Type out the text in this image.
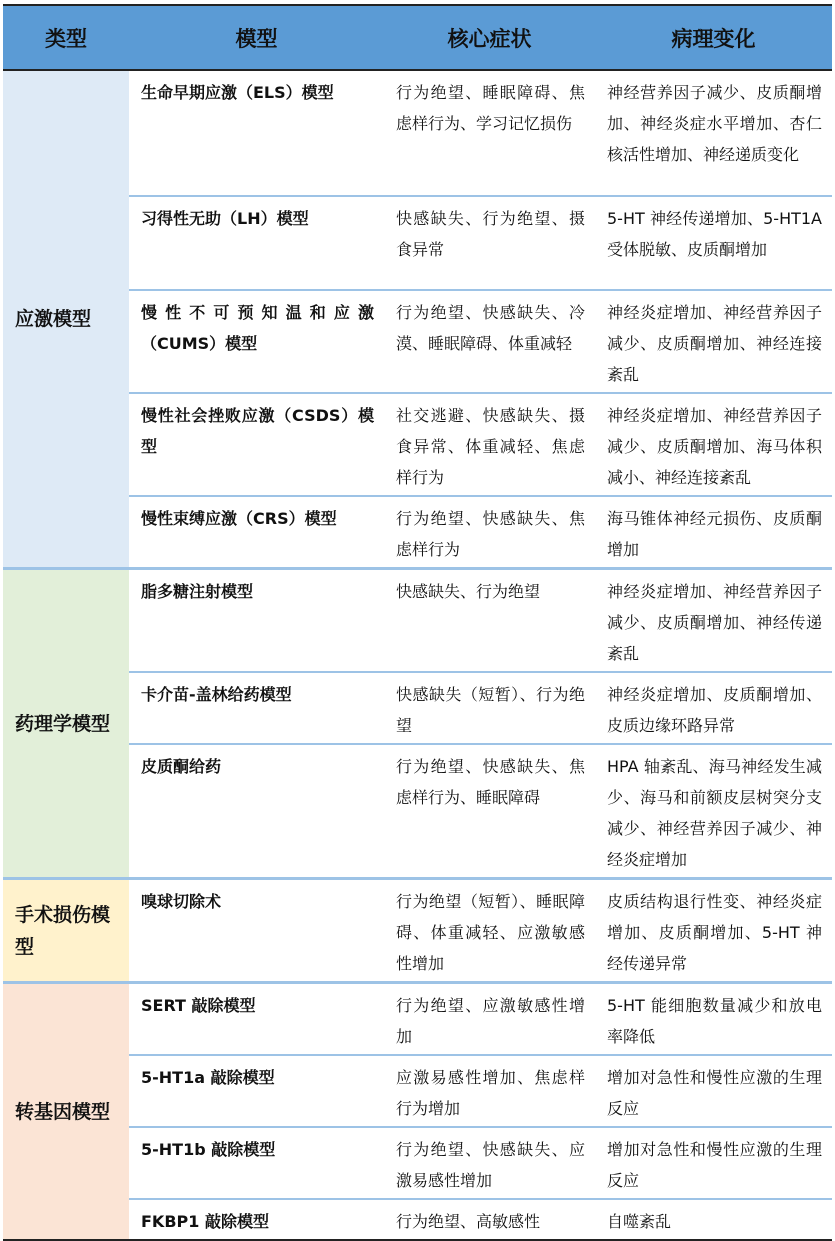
类型	模型	核心症状	病理变化
应激模型	生命早期应激（ELS）模型	行为绝望、睡眠障碍、焦虑样行为、学习记忆损伤	神经营养因子减少、皮质酮增加、神经炎症水平增加、杏仁核活性增加、神经递质变化
	习得性无助（LH）模型	快感缺失、行为绝望、摄食异常	5-HT 神经传递增加、5-HT1A 受体脱敏、皮质酮增加
	慢性不可预知温和应激（CUMS）模型	行为绝望、快感缺失、冷漠、睡眠障碍、体重减轻	神经炎症增加、神经营养因子减少、皮质酮增加、神经连接紊乱
	慢性社会挫败应激（CSDS）模型	社交逃避、快感缺失、摄食异常、体重减轻、焦虑样行为	神经炎症增加、神经营养因子减少、皮质酮增加、海马体积减小、神经连接紊乱
	慢性束缚应激（CRS）模型	行为绝望、快感缺失、焦虑样行为	海马锥体神经元损伤、皮质酮增加
药理学模型	脂多糖注射模型	快感缺失、行为绝望	神经炎症增加、神经营养因子减少、皮质酮增加、神经传递紊乱
	卡介苗-盖林给药模型	快感缺失（短暂）、行为绝望	神经炎症增加、皮质酮增加、皮质边缘环路异常
	皮质酮给药	行为绝望、快感缺失、焦虑样行为、睡眠障碍	HPA 轴紊乱、海马神经发生减少、海马和前额皮层树突分支减少、神经营养因子减少、神经炎症增加
手术损伤模型	嗅球切除术	行为绝望（短暂）、睡眠障碍、体重减轻、应激敏感性增加	皮质结构退行性变、神经炎症增加、皮质酮增加、5-HT 神经传递异常
转基因模型	SERT 敲除模型	行为绝望、应激敏感性增加	5-HT 能细胞数量减少和放电率降低
	5-HT1a 敲除模型	应激易感性增加、焦虑样行为增加	增加对急性和慢性应激的生理反应
	5-HT1b 敲除模型	行为绝望、快感缺失、应激易感性增加	增加对急性和慢性应激的生理反应
	FKBP1 敲除模型	行为绝望、高敏感性	自噬紊乱
